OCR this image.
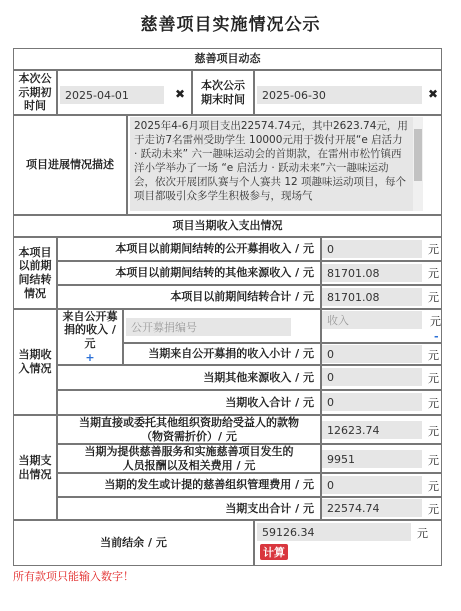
慈善项目实施情况公示
慈善项目动态
本次公示期初时间
2025-04-01	✖
本次公示期末时间	2025-06-30	✖
项目进展情况描述
2025年4-6月项目支出22574.74元，其中2623.74元，用于走访7名雷州受助学生 10000元用于拨付开展“e 启活力 · 跃动未来” 六一趣味运动会的首期款，在雷州市松竹镇西洋小学举办了一场 “e 启活力 · 跃动未来”六一趣味运动会，依次开展团队赛与个人赛共 12 项趣味运动项目，每个项目都吸引众多学生积极参与，现场气
项目当期收入支出情况
本项目以前期间结转情况
本项目以前期间结转的公开募捐收入 / 元	0	元
本项目以前期间结转的其他来源收入 / 元	81701.08	元
本项目以前期间结转合计 / 元	81701.08	元
当期收入情况
来自公开募捐的收入 / 元
+
公开募捐编号
收入	元
-
当期来自公开募捐的收入小计 / 元	0	元
当期其他来源收入 / 元	0	元
当期收入合计 / 元	0	元
当期支出情况
当期直接或委托其他组织资助给受益人的款物（物资需折价）/ 元	12623.74	元
当期为提供慈善服务和实施慈善项目发生的人员报酬以及相关费用 / 元	9951	元
当期的发生或计提的慈善组织管理费用 / 元	0	元
当期支出合计 / 元	22574.74	元
当前结余 / 元
59126.34	元
计算
所有款项只能输入数字！
